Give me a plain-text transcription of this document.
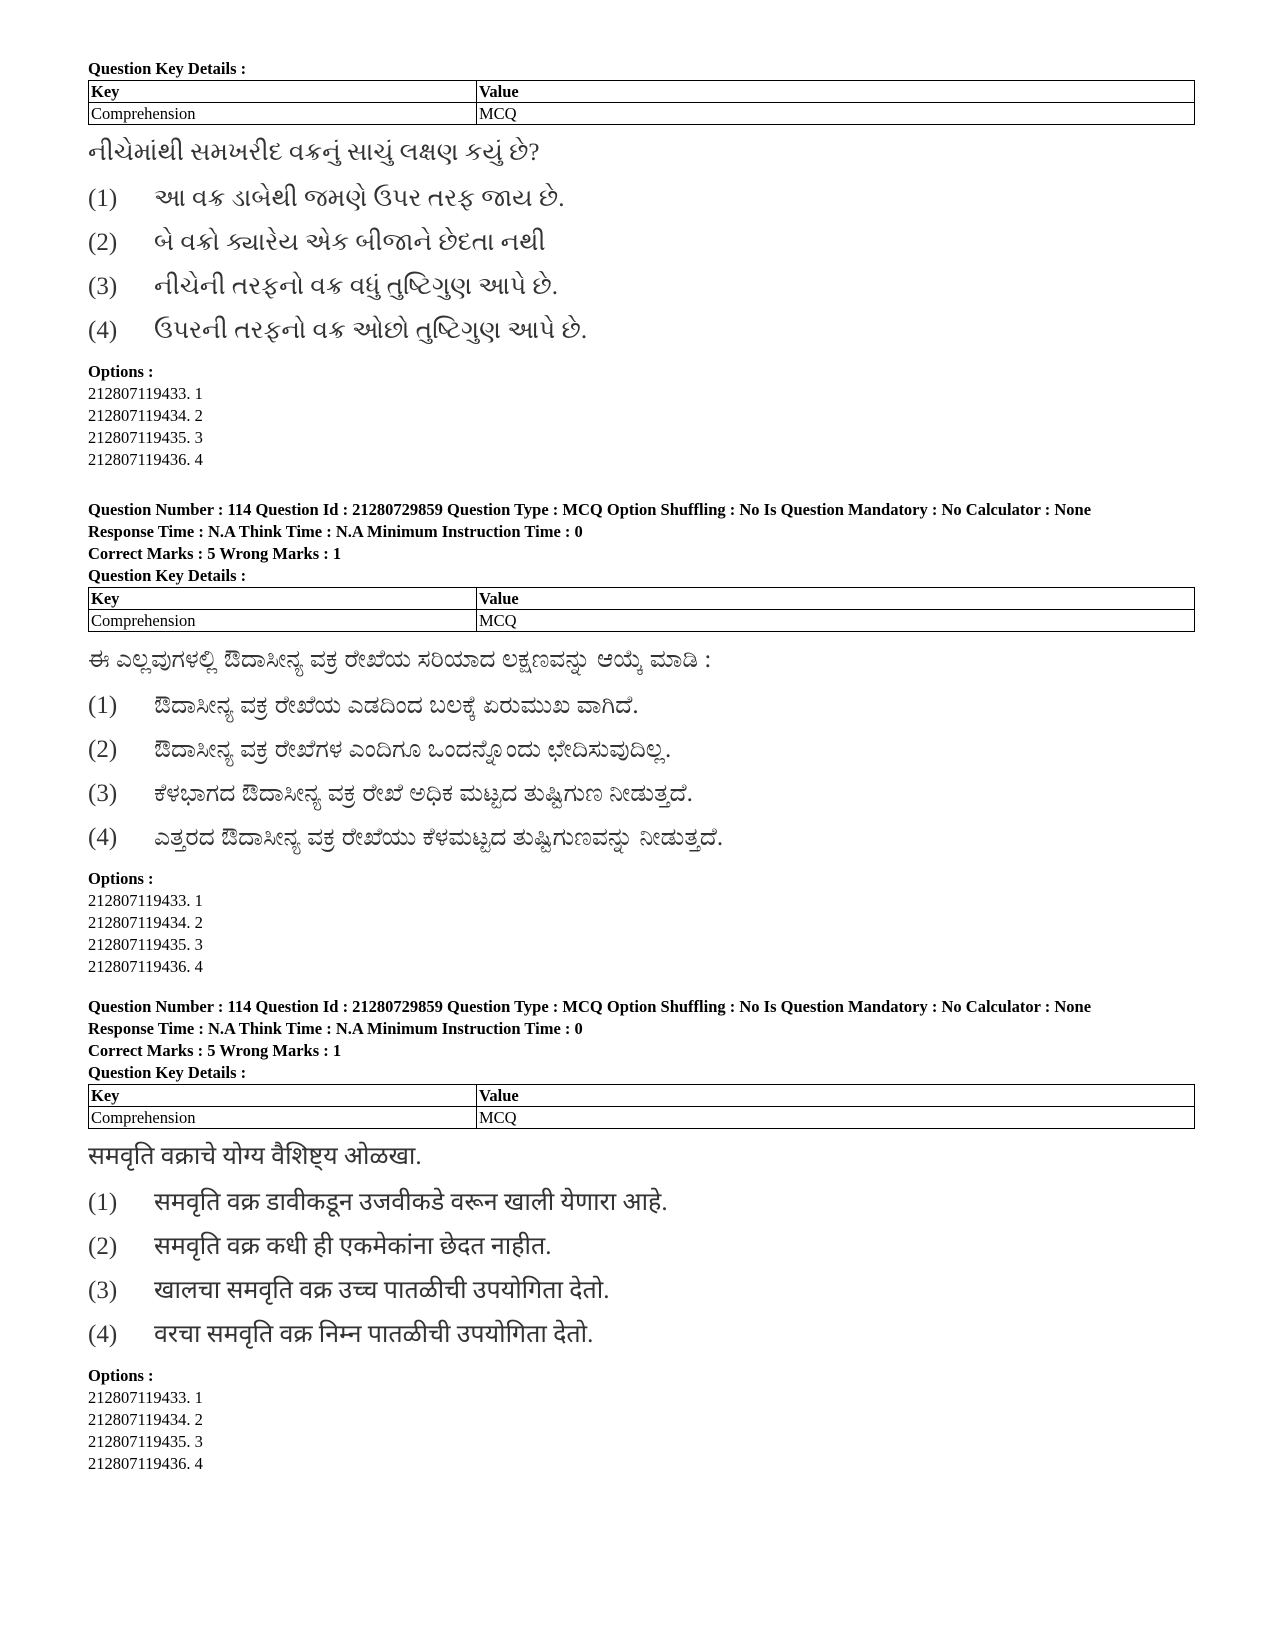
Question Key Details :
Key	Value
Comprehension	MCQ
નીચેમાંથી સમખરીદ વક્રનું સાચું લક્ષણ કયું છે?
(1)	આ વક્ર ડાબેથી જમણે ઉપર તરફ જાય છે.
(2)	બે વક્રો ક્યારેય એક બીજાને છેદતા નથી
(3)	નીચેની તરફનો વક્ર વધું તુષ્ટિગુણ આપે છે.
(4)	ઉપરની તરફનો વક્ર ઓછો તુષ્ટિગુણ આપે છે.
Options :
212807119433. 1
212807119434. 2
212807119435. 3
212807119436. 4
Question Number : 114 Question Id : 21280729859 Question Type : MCQ Option Shuffling : No Is Question Mandatory : No Calculator : None
Response Time : N.A Think Time : N.A Minimum Instruction Time : 0
Correct Marks : 5 Wrong Marks : 1
Question Key Details :
Key	Value
Comprehension	MCQ
ಈ ಎಲ್ಲವುಗಳಲ್ಲಿ ಔದಾಸೀನ್ಯ ವಕ್ರ ರೇಖೆಯ ಸರಿಯಾದ ಲಕ್ಷಣವನ್ನು ಆಯ್ಕೆ ಮಾಡಿ :
(1)	ಔದಾಸೀನ್ಯ ವಕ್ರ ರೇಖೆಯ ಎಡದಿಂದ ಬಲಕ್ಕೆ ಏರುಮುಖ ವಾಗಿದೆ.
(2)	ಔದಾಸೀನ್ಯ ವಕ್ರ ರೇಖೆಗಳ ಎಂದಿಗೂ ಒಂದನ್ನೊಂದು ಛೇದಿಸುವುದಿಲ್ಲ.
(3)	ಕೆಳಭಾಗದ ಔದಾಸೀನ್ಯ ವಕ್ರ ರೇಖೆ ಅಧಿಕ ಮಟ್ಟದ ತುಷ್ಟಿಗುಣ ನೀಡುತ್ತದೆ.
(4)	ಎತ್ತರದ ಔದಾಸೀನ್ಯ ವಕ್ರ ರೇಖೆಯು ಕೆಳಮಟ್ಟದ ತುಷ್ಟಿಗುಣವನ್ನು ನೀಡುತ್ತದೆ.
Options :
212807119433. 1
212807119434. 2
212807119435. 3
212807119436. 4
Question Number : 114 Question Id : 21280729859 Question Type : MCQ Option Shuffling : No Is Question Mandatory : No Calculator : None
Response Time : N.A Think Time : N.A Minimum Instruction Time : 0
Correct Marks : 5 Wrong Marks : 1
Question Key Details :
Key	Value
Comprehension	MCQ
समवृति वक्राचे योग्य वैशिष्ट्य ओळखा.
(1)	समवृति वक्र डावीकडून उजवीकडे वरून खाली येणारा आहे.
(2)	समवृति वक्र कधी ही एकमेकांना छेदत नाहीत.
(3)	खालचा समवृति वक्र उच्च पातळीची उपयोगिता देतो.
(4)	वरचा समवृति वक्र निम्न पातळीची उपयोगिता देतो.
Options :
212807119433. 1
212807119434. 2
212807119435. 3
212807119436. 4
